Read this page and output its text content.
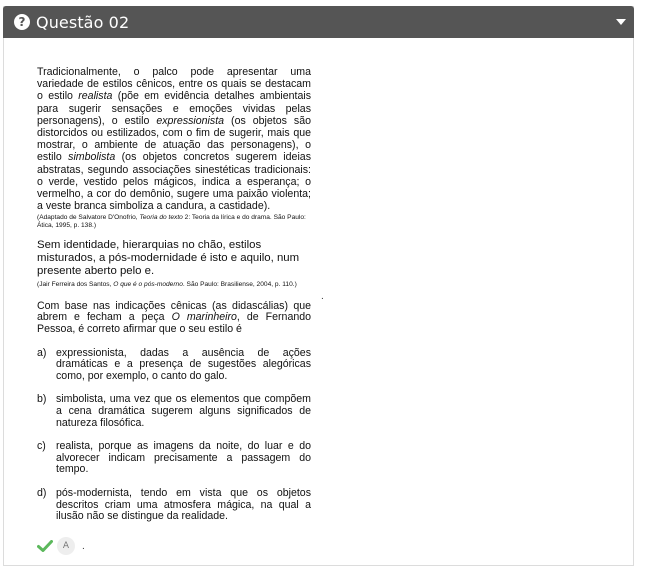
? Questão 02

Tradicionalmente, o palco pode apresentar uma variedade de estilos cênicos, entre os quais se destacam o estilo realista (põe em evidência detalhes ambientais para sugerir sensações e emoções vividas pelas personagens), o estilo expressionista (os objetos são distorcidos ou estilizados, com o fim de sugerir, mais que mostrar, o ambiente de atuação das personagens), o estilo simbolista (os objetos concretos sugerem ideias abstratas, segundo associações sinestéticas tradicionais: o verde, vestido pelos mágicos, indica a esperança; o vermelho, a cor do demônio, sugere uma paixão violenta; a veste branca simboliza a candura, a castidade).

(Adaptado de Salvatore D'Onofrio, Teoria do texto 2: Teoria da lírica e do drama. São Paulo: Ática, 1995, p. 138.)

Sem identidade, hierarquias no chão, estilos misturados, a pós-modernidade é isto e aquilo, num presente aberto pelo e.

(Jair Ferreira dos Santos, O que é o pós-moderno. São Paulo: Brasiliense, 2004, p. 110.)

Com base nas indicações cênicas (as didascálias) que abrem e fecham a peça O marinheiro, de Fernando Pessoa, é correto afirmar que o seu estilo é

a) expressionista, dadas a ausência de ações dramáticas e a presença de sugestões alegóricas como, por exemplo, o canto do galo.
b) simbolista, uma vez que os elementos que compõem a cena dramática sugerem alguns significados de natureza filosófica.
c) realista, porque as imagens da noite, do luar e do alvorecer indicam precisamente a passagem do tempo.
d) pós-modernista, tendo em vista que os objetos descritos criam uma atmosfera mágica, na qual a ilusão não se distingue da realidade.
.
A	.
